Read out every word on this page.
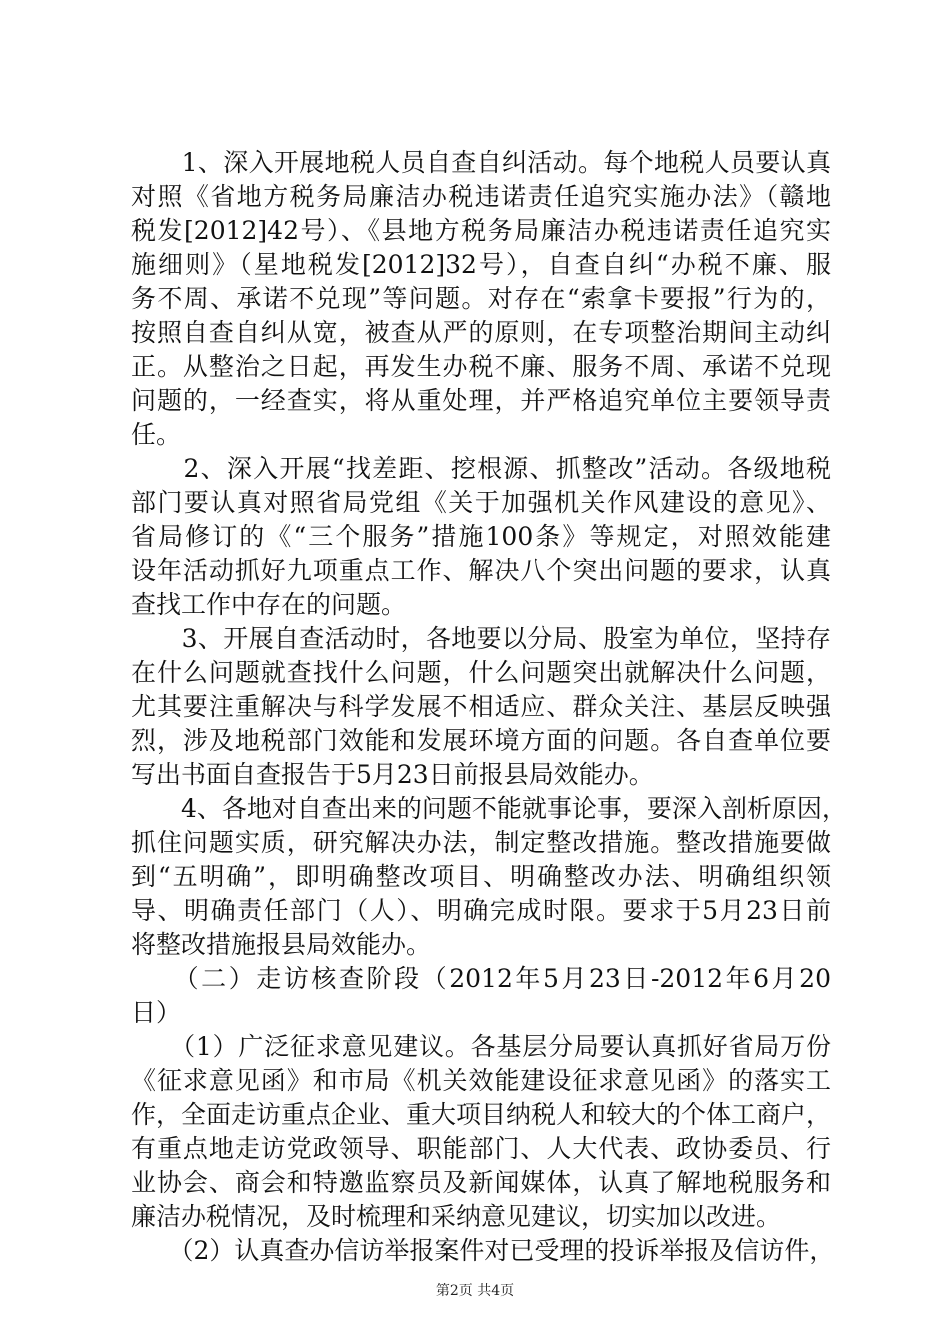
　　1、深入开展地税人员自查自纠活动。每个地税人员要认真
对照《省地方税务局廉洁办税违诺责任追究实施办法》（赣地
税发[2012]42号）、《县地方税务局廉洁办税违诺责任追究实
施细则》（星地税发[2012]32号），自查自纠“办税不廉、服
务不周、承诺不兑现”等问题。对存在“索拿卡要报”行为的，
按照自查自纠从宽，被查从严的原则，在专项整治期间主动纠
正。从整治之日起，再发生办税不廉、服务不周、承诺不兑现
问题的，一经查实，将从重处理，并严格追究单位主要领导责
任。
　　2、深入开展“找差距、挖根源、抓整改”活动。各级地税
部门要认真对照省局党组《关于加强机关作风建设的意见》、
省局修订的《“三个服务”措施100条》等规定，对照效能建
设年活动抓好九项重点工作、解决八个突出问题的要求，认真
查找工作中存在的问题。
　　3、开展自查活动时，各地要以分局、股室为单位，坚持存
在什么问题就查找什么问题，什么问题突出就解决什么问题，
尤其要注重解决与科学发展不相适应、群众关注、基层反映强
烈，涉及地税部门效能和发展环境方面的问题。各自查单位要
写出书面自查报告于5月23日前报县局效能办。
　　4、各地对自查出来的问题不能就事论事，要深入剖析原因，
抓住问题实质，研究解决办法，制定整改措施。整改措施要做
到“五明确”，即明确整改项目、明确整改办法、明确组织领
导、明确责任部门（人）、明确完成时限。要求于5月23日前
将整改措施报县局效能办。
　　（二）走访核查阶段（2012年5月23日-2012年6月20
日）
　　（1）广泛征求意见建议。各基层分局要认真抓好省局万份
《征求意见函》和市局《机关效能建设征求意见函》的落实工
作，全面走访重点企业、重大项目纳税人和较大的个体工商户，
有重点地走访党政领导、职能部门、人大代表、政协委员、行
业协会、商会和特邀监察员及新闻媒体，认真了解地税服务和
廉洁办税情况，及时梳理和采纳意见建议，切实加以改进。
　　（2）认真查办信访举报案件对已受理的投诉举报及信访件，
第2页 共4页
